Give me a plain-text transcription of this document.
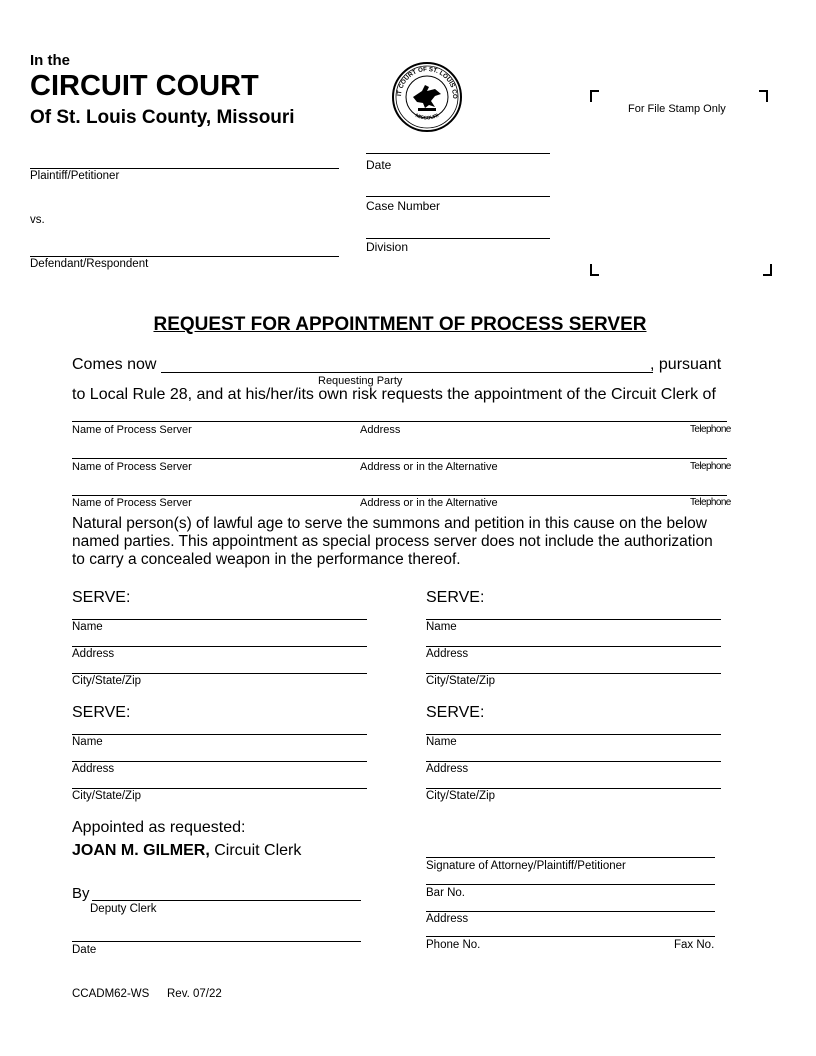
In the
CIRCUIT COURT
Of St. Louis County, Missouri
IT COURT OF ST. LOUIS CO
MISSOURI
For File Stamp Only
Plaintiff/Petitioner
vs.
Defendant/Respondent
Date
Case Number
Division
REQUEST FOR APPOINTMENT OF PROCESS SERVER
Comes now	, pursuant
Requesting Party
to Local Rule 28, and at his/her/its own risk requests the appointment of the Circuit Clerk of
Name of Process Server	Address	Telephone
Name of Process Server	Address or in the Alternative	Telephone
Name of Process Server	Address or in the Alternative	Telephone
Natural person(s) of lawful age to serve the summons and petition in this cause on the below
named parties. This appointment as special process server does not include the authorization
to carry a concealed weapon in the performance thereof.
SERVE:
Name
Address
City/State/Zip
SERVE:
Name
Address
City/State/Zip
SERVE:
Name
Address
City/State/Zip
SERVE:
Name
Address
City/State/Zip
Appointed as requested:
JOAN M. GILMER, Circuit Clerk
By
Deputy Clerk
Date
Signature of Attorney/Plaintiff/Petitioner
Bar No.
Address
Phone No.	Fax No.
CCADM62-WS Rev. 07/22
